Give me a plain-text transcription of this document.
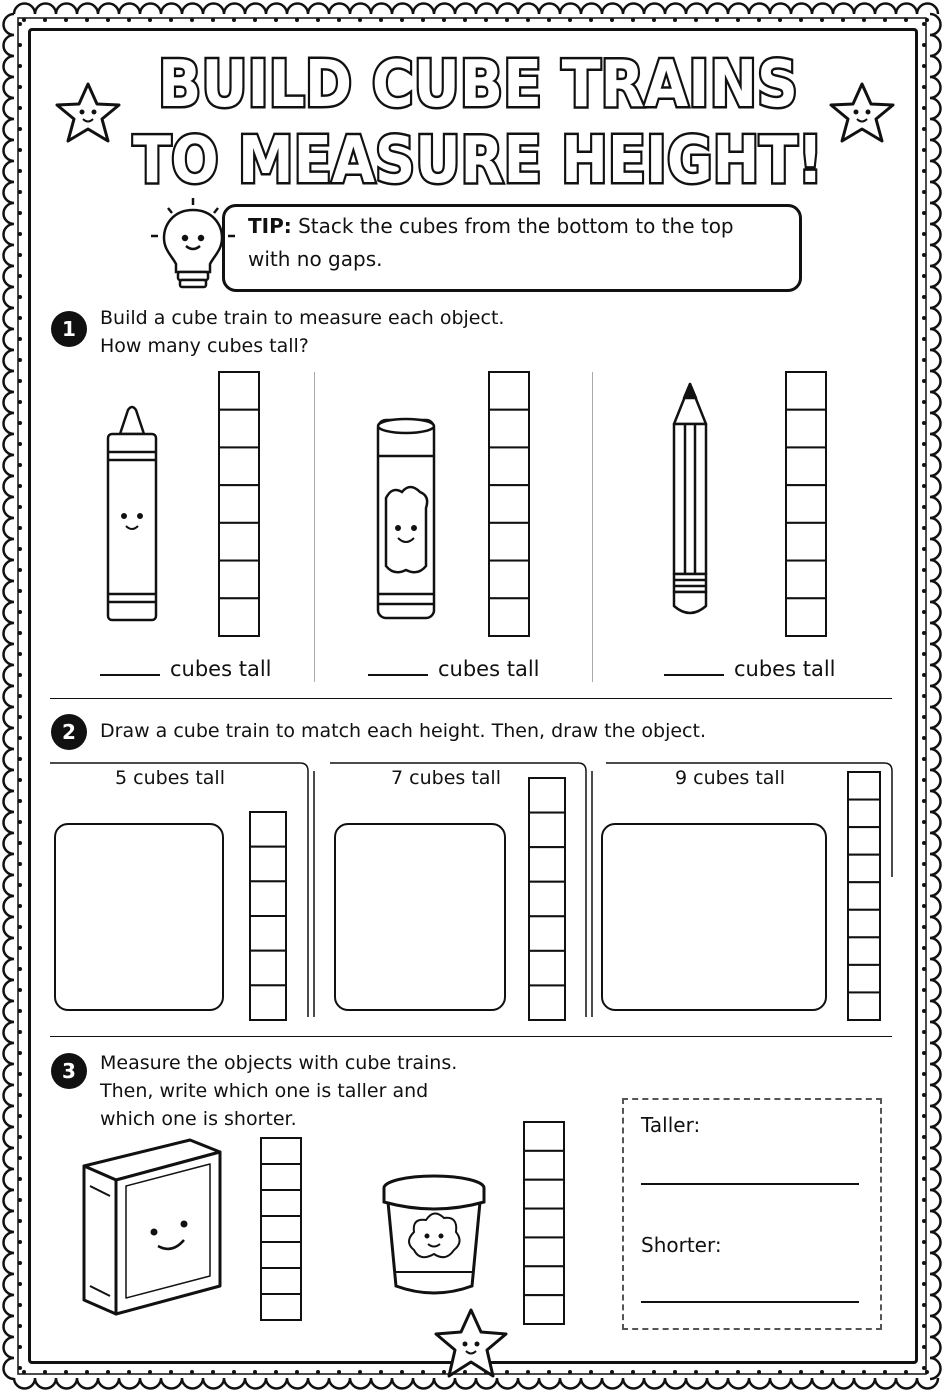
BUILD CUBE TRAINS
TO MEASURE HEIGHT!
TIP: Stack the cubes from the bottom to the top
with no gaps.
1	Build a cube train to measure each object.
How many cubes tall?
cubes tall	cubes tall	cubes tall
2	Draw a cube train to match each height. Then, draw the object.
5 cubes tall	7 cubes tall	9 cubes tall
3	Measure the objects with cube trains.
Then, write which one is taller and
which one is shorter.	Taller:
Shorter:
